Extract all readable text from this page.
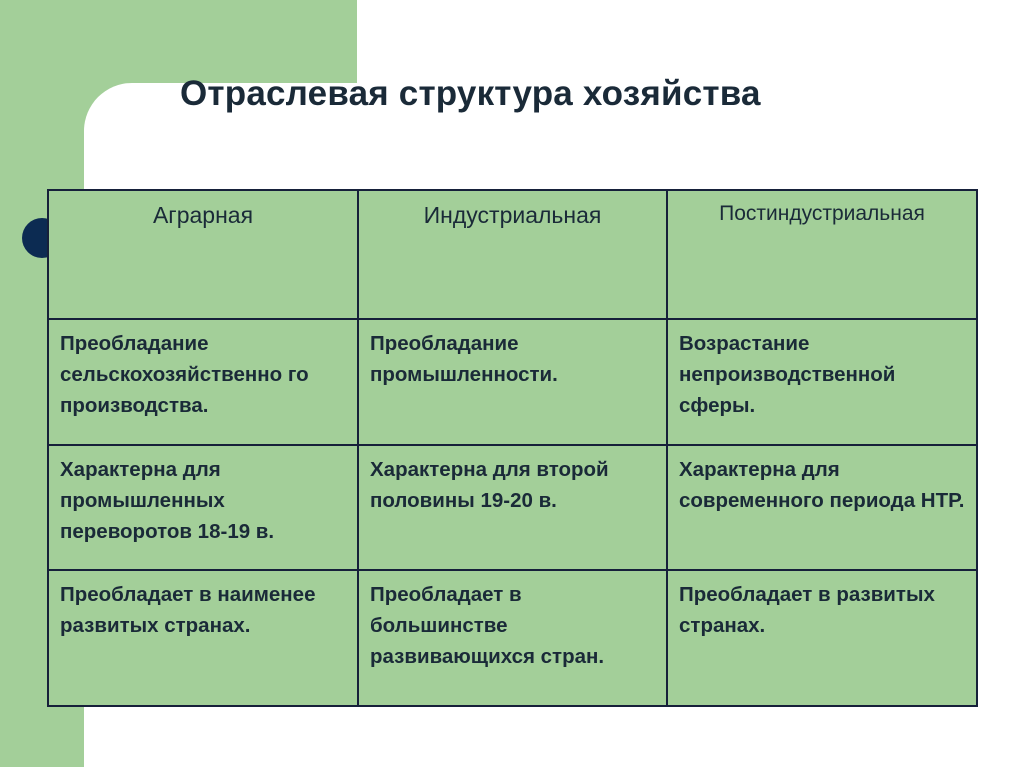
Отраслевая структура хозяйства
Аграрная	Индустриальная	Постиндустриальная
Преобладание сельскохозяйственно го производства.	Преобладание промышленности.	Возрастание непроизводственной сферы.
Характерна для промышленных переворотов 18-19 в.	Характерна для второй половины 19-20 в.	Характерна для современного периода НТР.
Преобладает в наименее развитых странах.	Преобладает в большинстве развивающихся стран.	Преобладает в развитых странах.
